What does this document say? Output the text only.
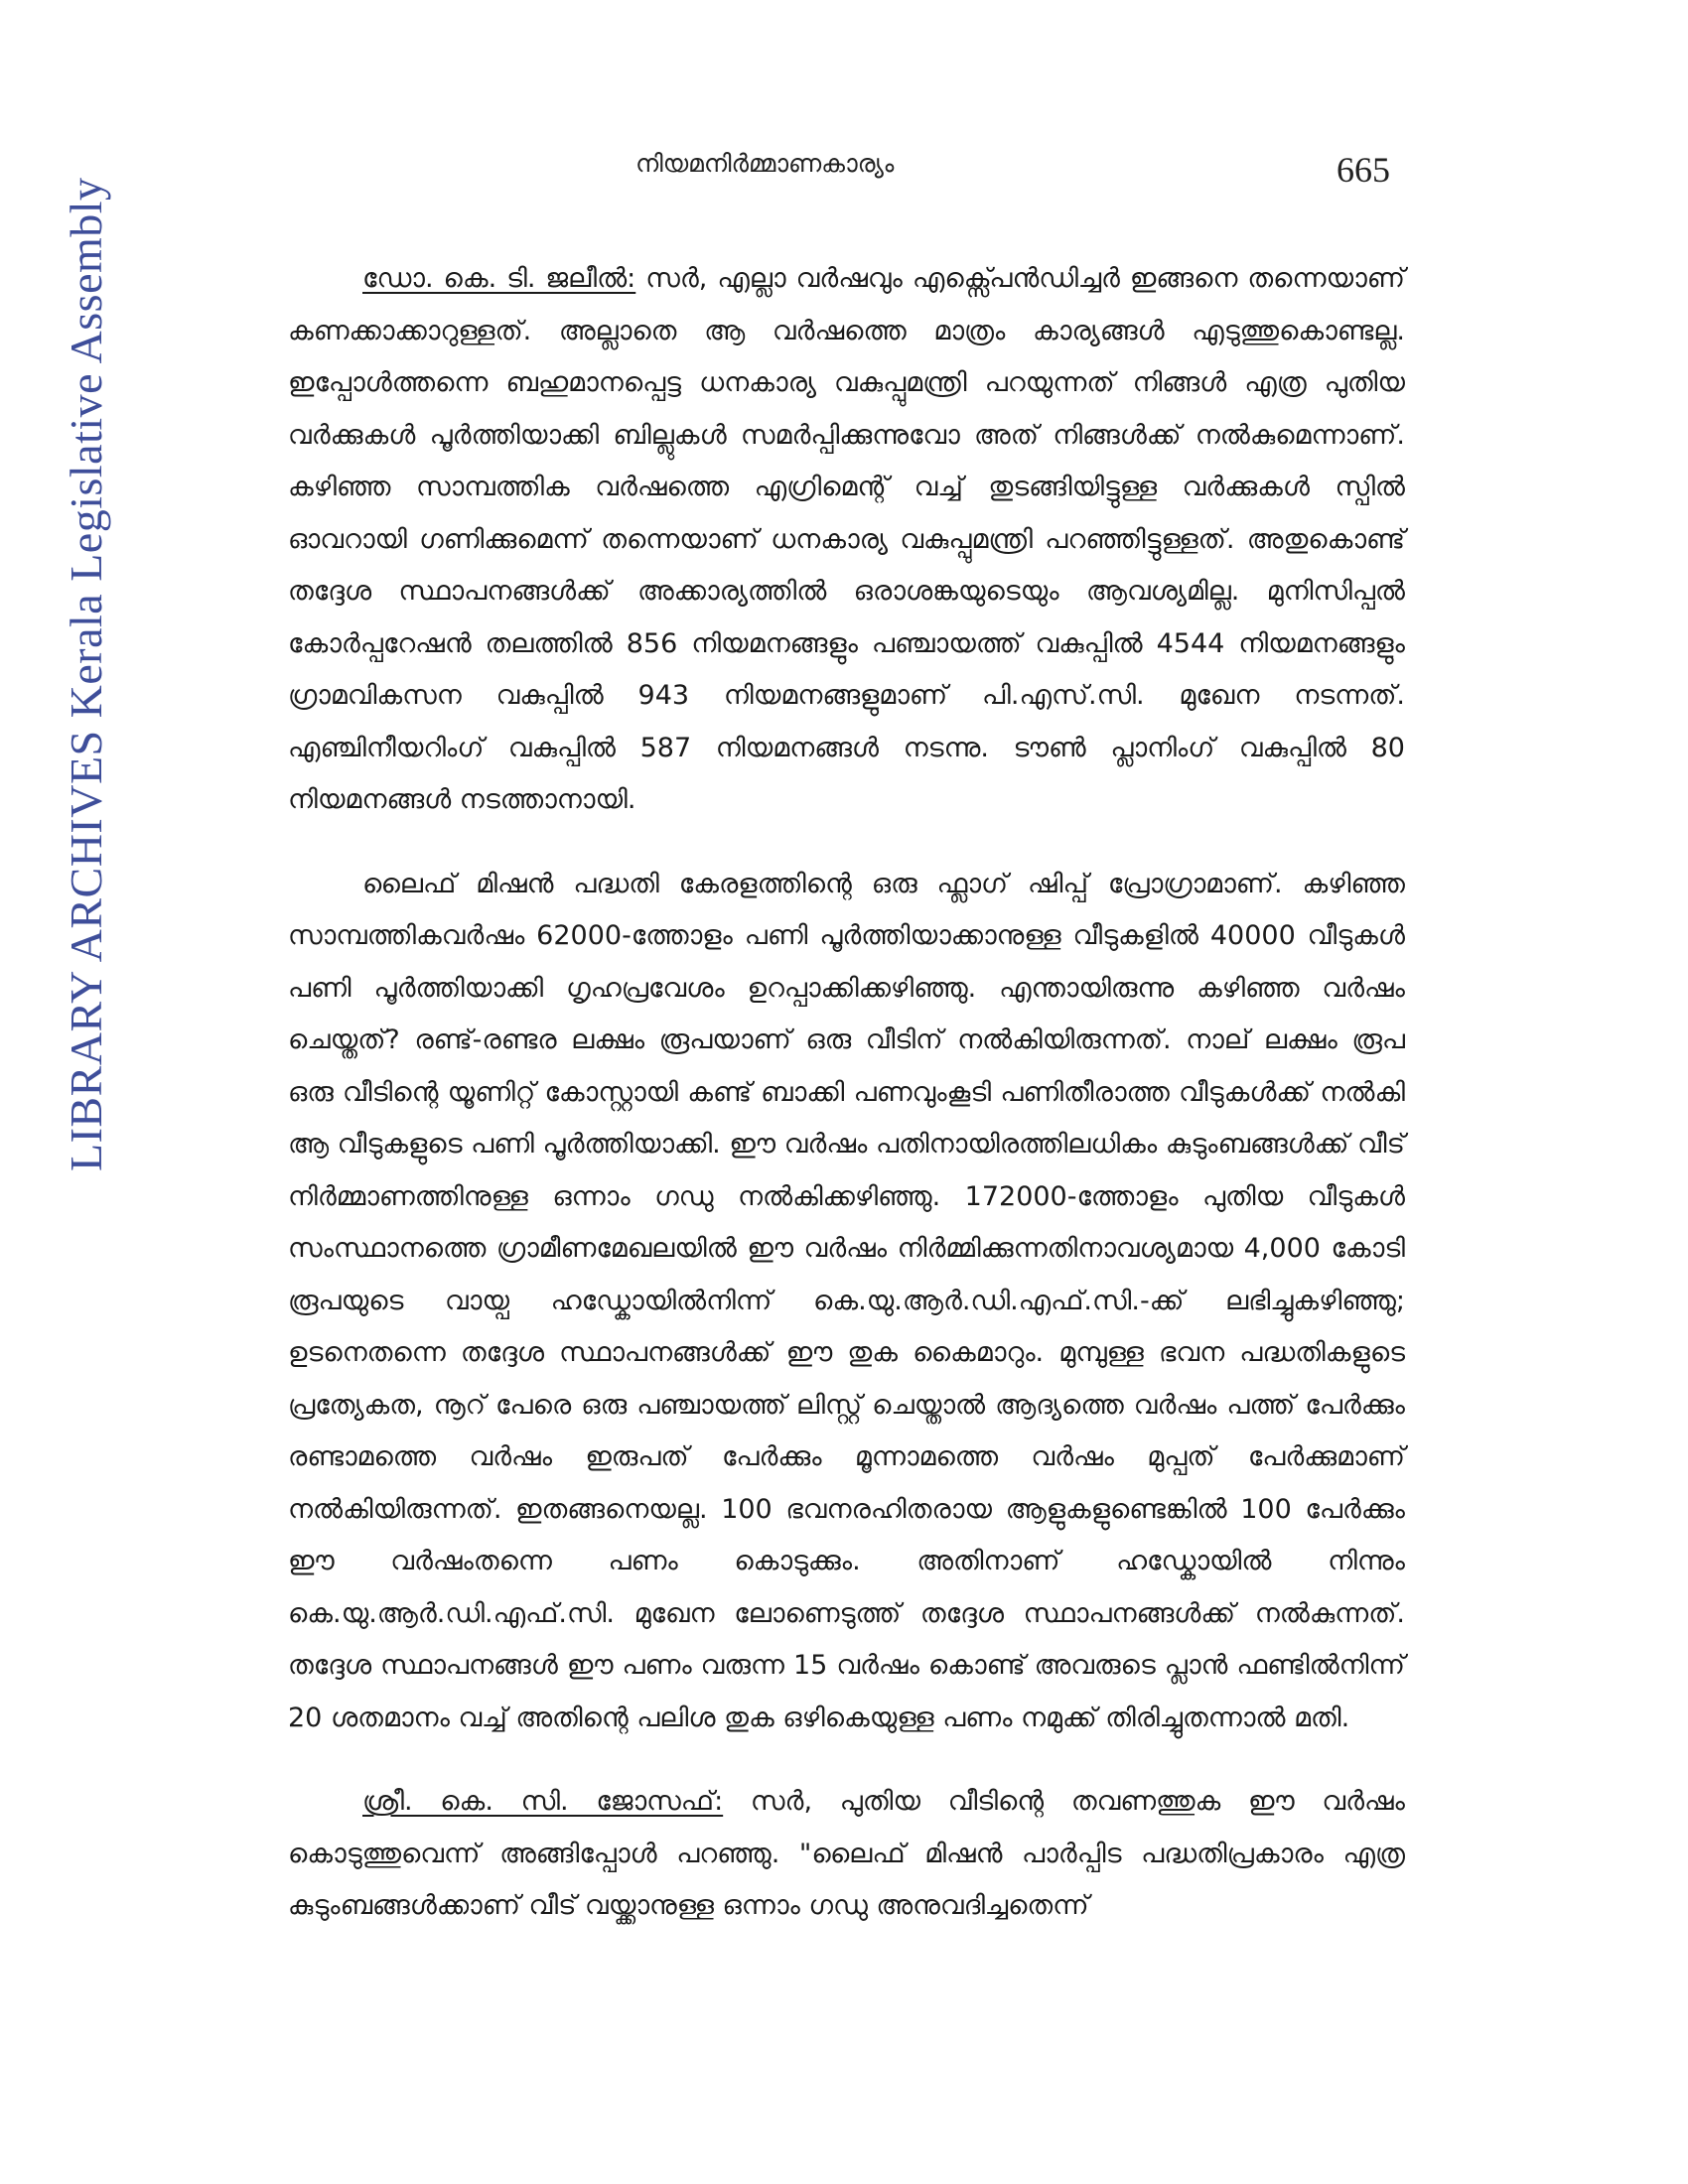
നിയമനിർമ്മാണകാര്യം	665
LIBRARY ARCHIVES Kerala Legislative Assembly	ഡോ. കെ. ടി. ജലീൽ: സർ, എല്ലാ വർഷവും എക്സ്പെൻഡിച്ചർ ഇങ്ങനെ തന്നെയാണ് കണക്കാക്കാറുള്ളത്. അല്ലാതെ ആ വർഷത്തെ മാത്രം കാര്യങ്ങൾ എടുത്തുകൊണ്ടല്ല. ഇപ്പോൾത്തന്നെ ബഹുമാനപ്പെട്ട ധനകാര്യ വകുപ്പുമന്ത്രി പറയുന്നത് നിങ്ങൾ എത്ര പുതിയ വർക്കുകൾ പൂർത്തിയാക്കി ബില്ലുകൾ സമർപ്പിക്കുന്നുവോ അത് നിങ്ങൾക്ക് നൽകുമെന്നാണ്. കഴിഞ്ഞ സാമ്പത്തിക വർഷത്തെ എഗ്രിമെന്റ് വച്ച് തുടങ്ങിയിട്ടുള്ള വർക്കുകൾ സ്പിൽ ഓവറായി ഗണിക്കുമെന്ന് തന്നെയാണ് ധനകാര്യ വകുപ്പുമന്ത്രി പറഞ്ഞിട്ടുള്ളത്. അതുകൊണ്ട് തദ്ദേശ സ്ഥാപനങ്ങൾക്ക് അക്കാര്യത്തിൽ ഒരാശങ്കയുടെയും ആവശ്യമില്ല. മുനിസിപ്പൽ കോർപ്പറേഷൻ തലത്തിൽ 856 നിയമനങ്ങളും പഞ്ചായത്ത് വകുപ്പിൽ 4544 നിയമനങ്ങളും ഗ്രാമവികസന വകുപ്പിൽ 943 നിയമനങ്ങളുമാണ് പി.എസ്.സി. മുഖേന നടന്നത്. എഞ്ചിനീയറിംഗ് വകുപ്പിൽ 587 നിയമനങ്ങൾ നടന്നു. ടൗൺ പ്ലാനിംഗ് വകുപ്പിൽ 80 നിയമനങ്ങൾ നടത്താനായി.

ലൈഫ് മിഷൻ പദ്ധതി കേരളത്തിന്റെ ഒരു ഫ്ലാഗ് ഷിപ്പ് പ്രോഗ്രാമാണ്. കഴിഞ്ഞ സാമ്പത്തികവർഷം 62000-ത്തോളം പണി പൂർത്തിയാക്കാനുള്ള വീടുകളിൽ 40000 വീടുകൾ പണി പൂർത്തിയാക്കി ഗൃഹപ്രവേശം ഉറപ്പാക്കിക്കഴിഞ്ഞു. എന്തായിരുന്നു കഴിഞ്ഞ വർഷം ചെയ്തത്? രണ്ട്-രണ്ടര ലക്ഷം രൂപയാണ് ഒരു വീടിന് നൽകിയിരുന്നത്. നാല് ലക്ഷം രൂപ ഒരു വീടിന്റെ യൂണിറ്റ് കോസ്റ്റായി കണ്ട് ബാക്കി പണവുംകൂടി പണിതീരാത്ത വീടുകൾക്ക് നൽകി ആ വീടുകളുടെ പണി പൂർത്തിയാക്കി. ഈ വർഷം പതിനായിരത്തിലധികം കുടുംബങ്ങൾക്ക് വീട് നിർമ്മാണത്തിനുള്ള ഒന്നാം ഗഡു നൽകിക്കഴിഞ്ഞു. 172000-ത്തോളം പുതിയ വീടുകൾ സംസ്ഥാനത്തെ ഗ്രാമീണമേഖലയിൽ ഈ വർഷം നിർമ്മിക്കുന്നതിനാവശ്യമായ 4,000 കോടി രൂപയുടെ വായ്പ ഹഡ്കോയിൽനിന്ന് കെ.യു.ആർ.ഡി.എഫ്.സി.-ക്ക് ലഭിച്ചുകഴിഞ്ഞു; ഉടനെതന്നെ തദ്ദേശ സ്ഥാപനങ്ങൾക്ക് ഈ തുക കൈമാറും. മുമ്പുള്ള ഭവന പദ്ധതികളുടെ പ്രത്യേകത, നൂറ് പേരെ ഒരു പഞ്ചായത്ത് ലിസ്റ്റ് ചെയ്താൽ ആദ്യത്തെ വർഷം പത്ത് പേർക്കും രണ്ടാമത്തെ വർഷം ഇരുപത് പേർക്കും മൂന്നാമത്തെ വർഷം മുപ്പത് പേർക്കുമാണ് നൽകിയിരുന്നത്. ഇതങ്ങനെയല്ല. 100 ഭവനരഹിതരായ ആളുകളുണ്ടെങ്കിൽ 100 പേർക്കും ഈ വർഷംതന്നെ പണം കൊടുക്കും. അതിനാണ് ഹഡ്കോയിൽ നിന്നും കെ.യു.ആർ.ഡി.എഫ്.സി. മുഖേന ലോണെടുത്ത് തദ്ദേശ സ്ഥാപനങ്ങൾക്ക് നൽകുന്നത്. തദ്ദേശ സ്ഥാപനങ്ങൾ ഈ പണം വരുന്ന 15 വർഷം കൊണ്ട് അവരുടെ പ്ലാൻ ഫണ്ടിൽനിന്ന് 20 ശതമാനം വച്ച് അതിന്റെ പലിശ തുക ഒഴികെയുള്ള പണം നമുക്ക് തിരിച്ചുതന്നാൽ മതി.

ശ്രീ. കെ. സി. ജോസഫ്: സർ, പുതിയ വീടിന്റെ തവണത്തുക ഈ വർഷം കൊടുത്തുവെന്ന് അങ്ങിപ്പോൾ പറഞ്ഞു. "ലൈഫ് മിഷൻ പാർപ്പിട പദ്ധതിപ്രകാരം എത്ര കുടുംബങ്ങൾക്കാണ് വീട് വയ്ക്കാനുള്ള ഒന്നാം ഗഡു അനുവദിച്ചതെന്ന്
